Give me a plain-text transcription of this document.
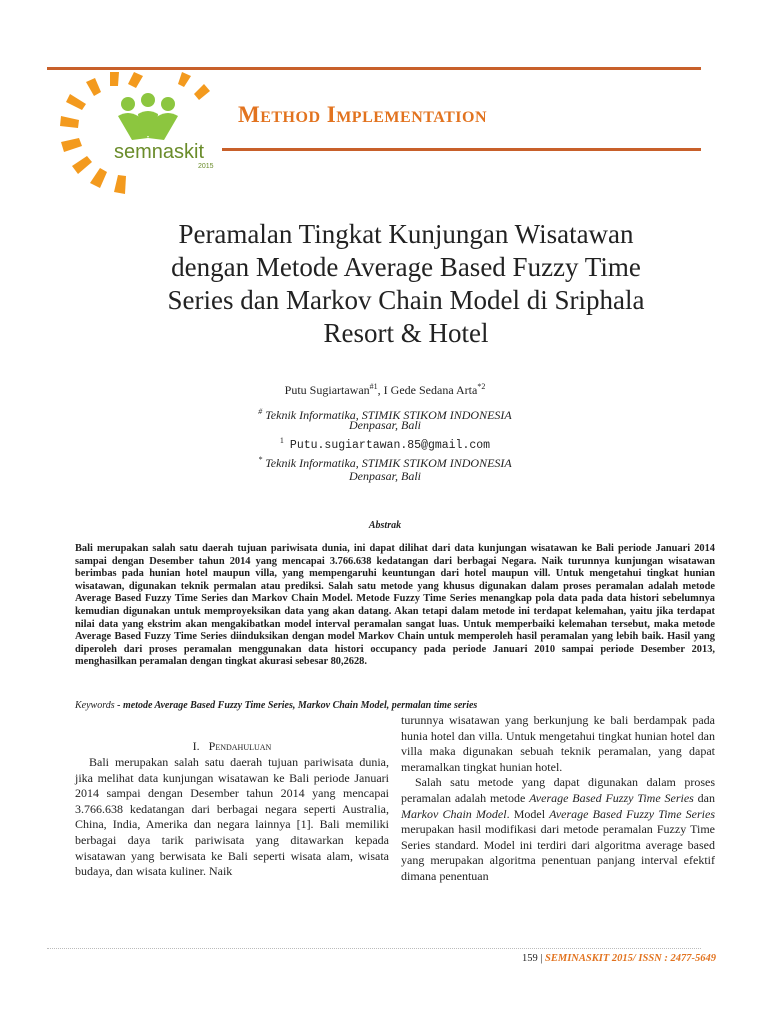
semnaskit
2015
Method Implementation
Peramalan Tingkat Kunjungan Wisatawan
dengan Metode Average Based Fuzzy Time
Series dan Markov Chain Model di Sriphala
Resort & Hotel
Putu Sugiartawan$^{\#1}$, I Gede Sedana Arta$^{*2}$
# Teknik Informatika, STIMIK STIKOM INDONESIA
Denpasar, Bali
$^1$ Putu.sugiartawan.85@gmail.com
* Teknik Informatika, STIMIK STIKOM INDONESIA
Denpasar, Bali
Abstrak

Bali merupakan salah satu daerah tujuan pariwisata dunia, ini dapat dilihat dari data kunjungan wisatawan ke Bali periode Januari 2014 sampai dengan Desember tahun 2014 yang mencapai 3.766.638 kedatangan dari berbagai Negara. Naik turunnya kunjungan wisatawan berimbas pada hunian hotel maupun villa, yang mempengaruhi keuntungan dari hotel maupun vill. Untuk mengetahui tingkat hunian wisatawan, digunakan teknik permalan atau prediksi. Salah satu metode yang khusus digunakan dalam proses peramalan adalah metode Average Based Fuzzy Time Series dan Markov Chain Model. Metode Fuzzy Time Series menangkap pola data pada data histori sebelumnya kemudian digunakan untuk memproyeksikan data yang akan datang. Akan tetapi dalam metode ini terdapat kelemahan, yaitu jika terdapat nilai data yang ekstrim akan mengakibatkan model interval peramalan sangat luas. Untuk memperbaiki kelemahan tersebut, maka metode Average Based Fuzzy Time Series diinduksikan dengan model Markov Chain untuk memperoleh hasil peramalan yang lebih baik. Hasil yang diperoleh dari proses peramalan menggunakan data histori occupancy pada periode Januari 2010 sampai periode Desember 2013, menghasilkan peramalan dengan tingkat akurasi sebesar 80,2628.

Keywords - metode Average Based Fuzzy Time Series, Markov Chain Model, permalan time series
I. Pendahuluan

Bali merupakan salah satu daerah tujuan pariwisata dunia, jika melihat data kunjungan wisatawan ke Bali periode Januari 2014 sampai dengan Desember tahun 2014 yang mencapai 3.766.638 kedatangan dari berbagai negara seperti Australia, China, India, Amerika dan negara lainnya [1]. Bali memiliki berbagai daya tarik pariwisata yang ditawarkan kepada wisatawan yang berwisata ke Bali seperti wisata alam, wisata budaya, dan wisata kuliner. Naik

turunnya wisatawan yang berkunjung ke bali berdampak pada hunia hotel dan villa. Untuk mengetahui tingkat hunian hotel dan villa maka digunakan sebuah teknik peramalan, yang dapat meramalkan tingkat hunian hotel.

Salah satu metode yang dapat digunakan dalam proses peramalan adalah metode Average Based Fuzzy Time Series dan Markov Chain Model. Model Average Based Fuzzy Time Series merupakan hasil modifikasi dari metode peramalan Fuzzy Time Series standard. Model ini terdiri dari algoritma average based yang merupakan algoritma penentuan panjang interval efektif dimana penentuan

159 | SEMINASKIT 2015/ ISSN : 2477-5649
